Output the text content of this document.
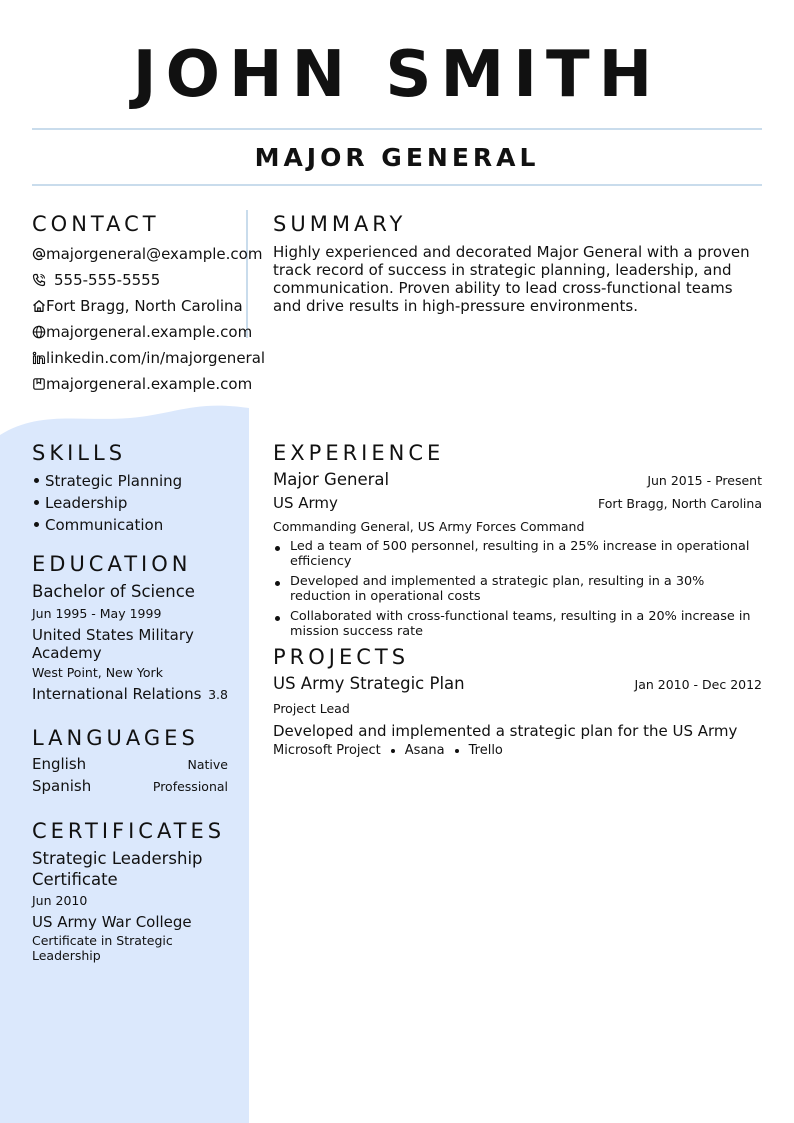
JOHN SMITH
MAJOR GENERAL
CONTACT
majorgeneral@example.com
555-555-5555
Fort Bragg, North Carolina
majorgeneral.example.com
linkedin.com/in/majorgeneral
majorgeneral.example.com
SUMMARY

Highly experienced and decorated Major General with a proven track record of success in strategic planning, leadership, and communication. Proven ability to lead cross-functional teams and drive results in high-pressure environments.

SKILLS
Strategic Planning
Leadership
Communication
EDUCATION
Bachelor of Science
Jun 1995 - May 1999
United States Military Academy
West Point, New York
International Relations 3.8
LANGUAGES
English	Native
Spanish	Professional
CERTIFICATES
Strategic Leadership Certificate
Jun 2010
US Army War College
Certificate in Strategic Leadership
EXPERIENCE
Major General	Jun 2015 - Present
US Army	Fort Bragg, North Carolina
Commanding General, US Army Forces Command
Led a team of 500 personnel, resulting in a 25% increase in operational efficiency
Developed and implemented a strategic plan, resulting in a 30% reduction in operational costs
Collaborated with cross-functional teams, resulting in a 20% increase in mission success rate
PROJECTS
US Army Strategic Plan	Jan 2010 - Dec 2012
Project Lead
Developed and implemented a strategic plan for the US Army
Microsoft Project Asana Trello
